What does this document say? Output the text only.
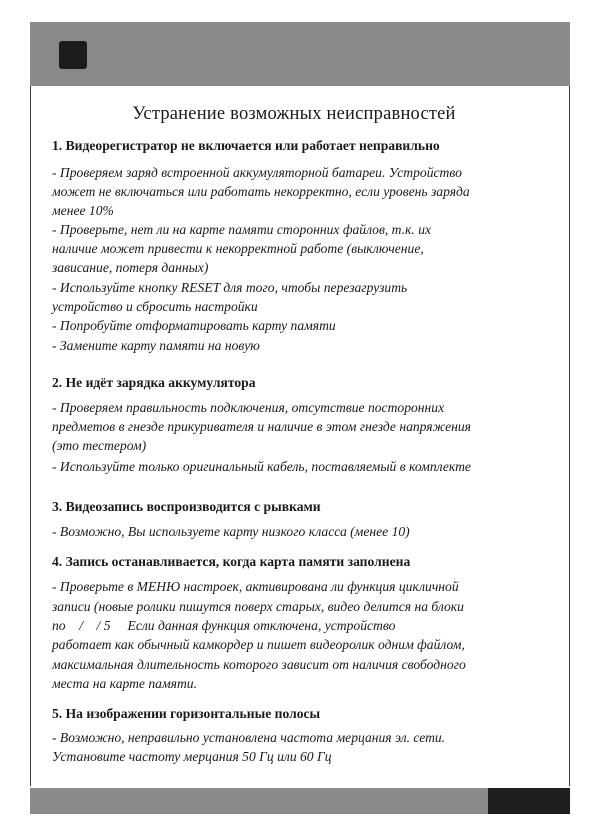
Устранение возможных неисправностей
1. Видеорегистратор не включается или работает неправильно
- Проверяем заряд встроенной аккумуляторной батареи. Устройство
может не включаться или работать некорректно, если уровень заряда
менее 10%
- Проверьте, нет ли на карте памяти сторонних файлов, т.к. их
наличие может привести к некорректной работе (выключение,
зависание, потеря данных)
- Используйте кнопку RESET для того, чтобы перезагрузить
устройство и сбросить настройки
- Попробуйте отформатировать карту памяти
- Замените карту памяти на новую
2. Не идёт зарядка аккумулятора
- Проверяем правильность подключения, отсутствие посторонних
предметов в гнезде прикуривателя и наличие в этом гнезде напряжения
(это тестером)
- Используйте только оригинальный кабель, поставляемый в комплекте
3. Видеозапись воспроизводится с рывками
- Возможно, Вы используете карту низкого класса (менее 10)
4. Запись останавливается, когда карта памяти заполнена
- Проверьте в МЕНЮ настроек, активирована ли функция цикличной
записи (новые ролики пишутся поверх старых, видео делится на блоки
по    /    / 5     Если данная функция отключена, устройство
работает как обычный камкордер и пишет видеоролик одним файлом,
максимальная длительность которого зависит от наличия свободного
места на карте памяти.
5. На изображении горизонтальные полосы
- Возможно, неправильно установлена частота мерцания эл. сети.
Установите частоту мерцания 50 Гц или 60 Гц
